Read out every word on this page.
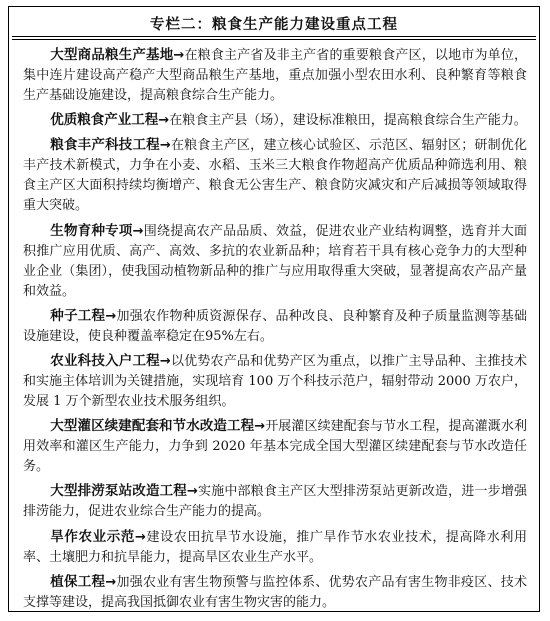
专栏二：粮食生产能力建设重点工程

大型商品粮生产基地→在粮食主产省及非主产省的重要粮食产区，以地市为单位，集中连片建设高产稳产大型商品粮生产基地，重点加强小型农田水利、良种繁育等粮食生产基础设施建设，提高粮食综合生产能力。

优质粮食产业工程→在粮食主产县（场），建设标准粮田，提高粮食综合生产能力。

粮食丰产科技工程→在粮食主产区，建立核心试验区、示范区、辐射区；研制优化丰产技术新模式，力争在小麦、水稻、玉米三大粮食作物超高产优质品种筛选利用、粮食主产区大面积持续均衡增产、粮食无公害生产、粮食防灾减灾和产后减损等领域取得重大突破。

生物育种专项→围绕提高农产品品质、效益，促进农业产业结构调整，选育并大面积推广应用优质、高产、高效、多抗的农业新品种；培育若干具有核心竞争力的大型种业企业（集团），使我国动植物新品种的推广与应用取得重大突破，显著提高农产品产量和效益。

种子工程→加强农作物种质资源保存、品种改良、良种繁育及种子质量监测等基础设施建设，使良种覆盖率稳定在95%左右。

农业科技入户工程→以优势农产品和优势产区为重点，以推广主导品种、主推技术和实施主体培训为关键措施，实现培育 100 万个科技示范户，辐射带动 2000 万农户，发展 1 万个新型农业技术服务组织。

大型灌区续建配套和节水改造工程→开展灌区续建配套与节水工程，提高灌溉水利用效率和灌区生产能力，力争到 2020 年基本完成全国大型灌区续建配套与节水改造任务。

大型排涝泵站改造工程→实施中部粮食主产区大型排涝泵站更新改造，进一步增强排涝能力，促进农业综合生产能力的提高。

旱作农业示范→建设农田抗旱节水设施，推广旱作节水农业技术，提高降水利用率、土壤肥力和抗旱能力，提高旱区农业生产水平。

植保工程→加强农业有害生物预警与监控体系、优势农产品有害生物非疫区、技术支撑等建设，提高我国抵御农业有害生物灾害的能力。
